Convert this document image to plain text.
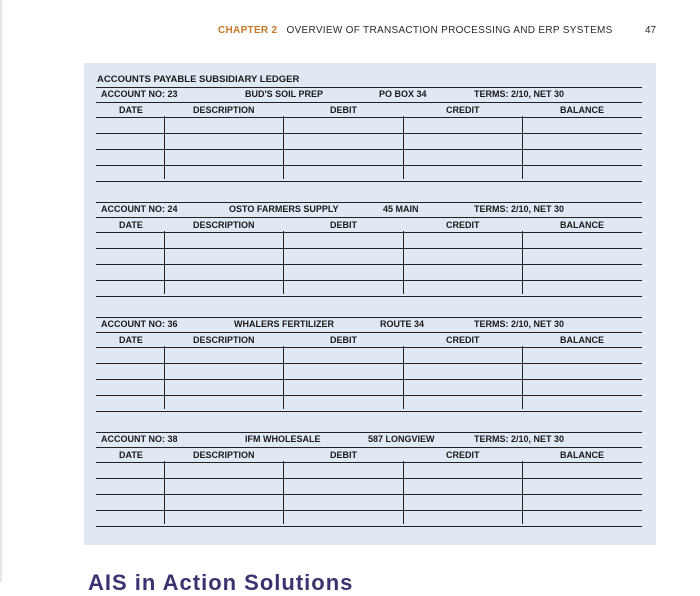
CHAPTER 2 OVERVIEW OF TRANSACTION PROCESSING AND ERP SYSTEMS	47
ACCOUNTS PAYABLE SUBSIDIARY LEDGER
ACCOUNT NO: 23	BUD'S SOIL PREP	PO BOX 34	TERMS: 2/10, NET 30
DATE	DESCRIPTION	DEBIT	CREDIT	BALANCE
ACCOUNT NO: 24	OSTO FARMERS SUPPLY	45 MAIN	TERMS: 2/10, NET 30
DATE	DESCRIPTION	DEBIT	CREDIT	BALANCE
ACCOUNT NO: 36	WHALERS FERTILIZER	ROUTE 34	TERMS: 2/10, NET 30
DATE	DESCRIPTION	DEBIT	CREDIT	BALANCE
ACCOUNT NO: 38	IFM WHOLESALE	587 LONGVIEW	TERMS: 2/10, NET 30
DATE	DESCRIPTION	DEBIT	CREDIT	BALANCE
AIS in Action Solutions
